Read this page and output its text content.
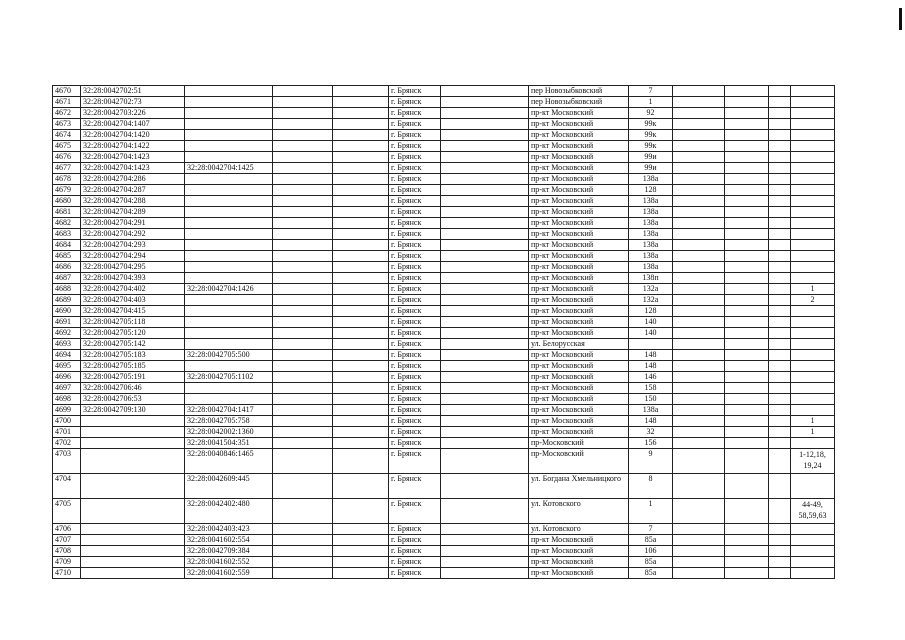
4670	32:28:0042702:51				г. Брянск		пер Новозыбковский	7				
4671	32:28:0042702:73				г. Брянск		пер Новозыбковский	1				
4672	32:28:0042703:226				г. Брянск		пр-кт Московский	92				
4673	32:28:0042704:1407				г. Брянск		пр-кт Московский	99к				
4674	32:28:0042704:1420				г. Брянск		пр-кт Московский	99к				
4675	32:28:0042704:1422				г. Брянск		пр-кт Московский	99к				
4676	32:28:0042704:1423				г. Брянск		пр-кт Московский	99и				
4677	32:28:0042704:1423	32:28:0042704:1425			г. Брянск		пр-кт Московский	99и				
4678	32:28:0042704:286				г. Брянск		пр-кт Московский	138а				
4679	32:28:0042704:287				г. Брянск		пр-кт Московский	128				
4680	32:28:0042704:288				г. Брянск		пр-кт Московский	138а				
4681	32:28:0042704:289				г. Брянск		пр-кт Московский	138а				
4682	32:28:0042704:291				г. Брянск		пр-кт Московский	138а				
4683	32:28:0042704:292				г. Брянск		пр-кт Московский	138а				
4684	32:28:0042704:293				г. Брянск		пр-кт Московский	138а				
4685	32:28:0042704:294				г. Брянск		пр-кт Московский	138а				
4686	32:28:0042704:295				г. Брянск		пр-кт Московский	138а				
4687	32:28:0042704:393				г. Брянск		пр-кт Московский	138п				
4688	32:28:0042704:402	32:28:0042704:1426			г. Брянск		пр-кт Московский	132а				1
4689	32:28:0042704:403				г. Брянск		пр-кт Московский	132а				2
4690	32:28:0042704:415				г. Брянск		пр-кт Московский	128				
4691	32:28:0042705:118				г. Брянск		пр-кт Московский	140				
4692	32:28:0042705:120				г. Брянск		пр-кт Московский	140				
4693	32:28:0042705:142				г. Брянск		ул. Белорусская					
4694	32:28:0042705:183	32:28:0042705:500			г. Брянск		пр-кт Московский	148				
4695	32:28:0042705:185				г. Брянск		пр-кт Московский	148				
4696	32:28:0042705:191	32:28:0042705:1102			г. Брянск		пр-кт Московский	146				
4697	32:28:0042706:46				г. Брянск		пр-кт Московский	158				
4698	32:28:0042706:53				г. Брянск		пр-кт Московский	150				
4699	32:28:0042709:130	32:28:0042704:1417			г. Брянск		пр-кт Московский	138а				
4700		32:28:0042705:758			г. Брянск		пр-кт Московский	148				1
4701		32:28:0042002:1360			г. Брянск		пр-кт Московский	32				1
4702		32:28:0041504:351			г. Брянск		пр-Московский	156				
4703		32:28:0040846:1465			г. Брянск		пр-Московский	9				1-12,18, 19,24
4704		32:28:0042609:445			г. Брянск		ул. Богдана Хмельницкого	8				
4705		32:28:0042402:480			г. Брянск		ул. Котовского	1				44-49, 58,59,63
4706		32:28:0042403:423			г. Брянск		ул. Котовского	7				
4707		32:28:0041602:554			г. Брянск		пр-кт Московский	85а				
4708		32:28:0042709:384			г. Брянск		пр-кт Московский	106				
4709		32:28:0041602:552			г. Брянск		пр-кт Московский	85а				
4710		32:28:0041602:559			г. Брянск		пр-кт Московский	85а				
